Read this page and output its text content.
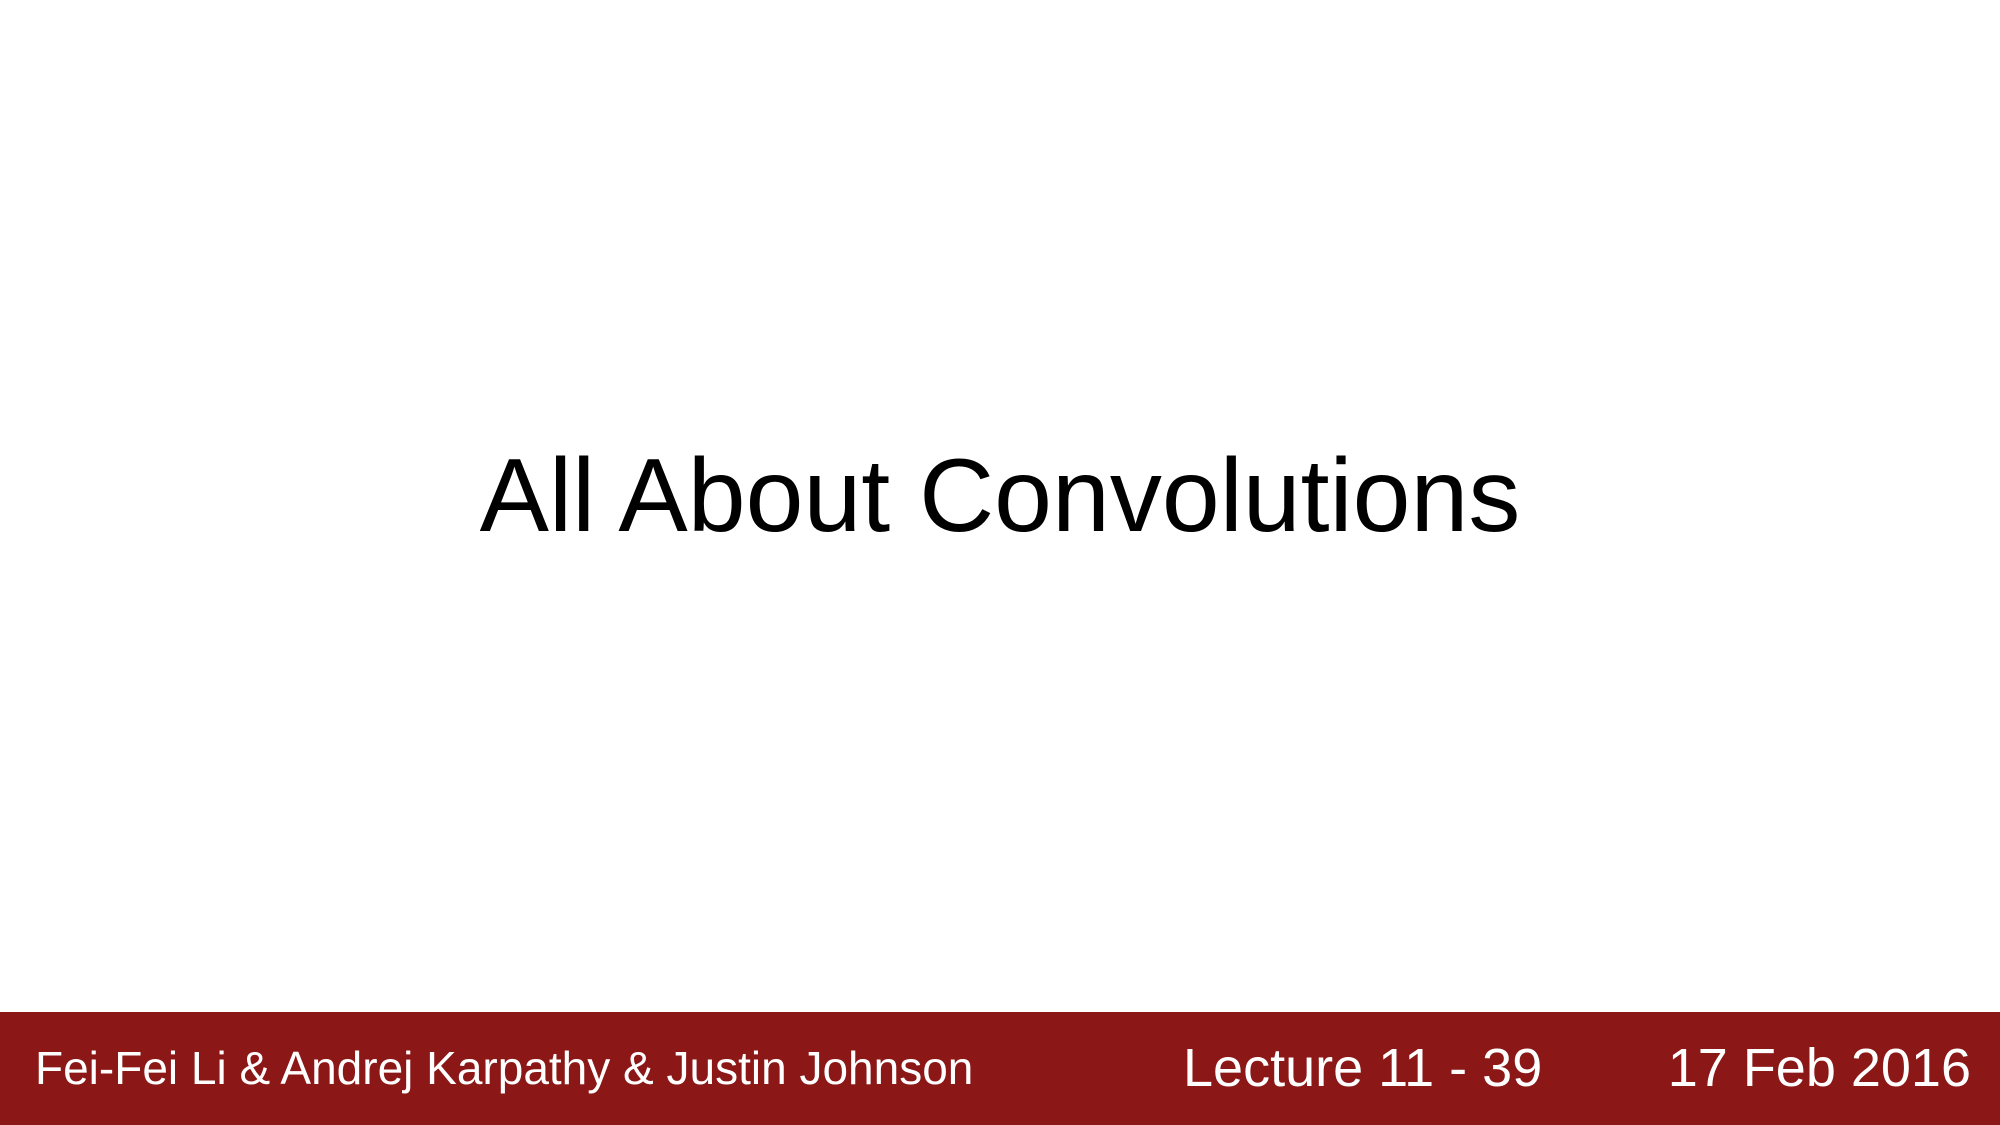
All About Convolutions
Fei-Fei Li & Andrej Karpathy & Justin Johnson	Lecture 11 - 39 17 Feb 2016
